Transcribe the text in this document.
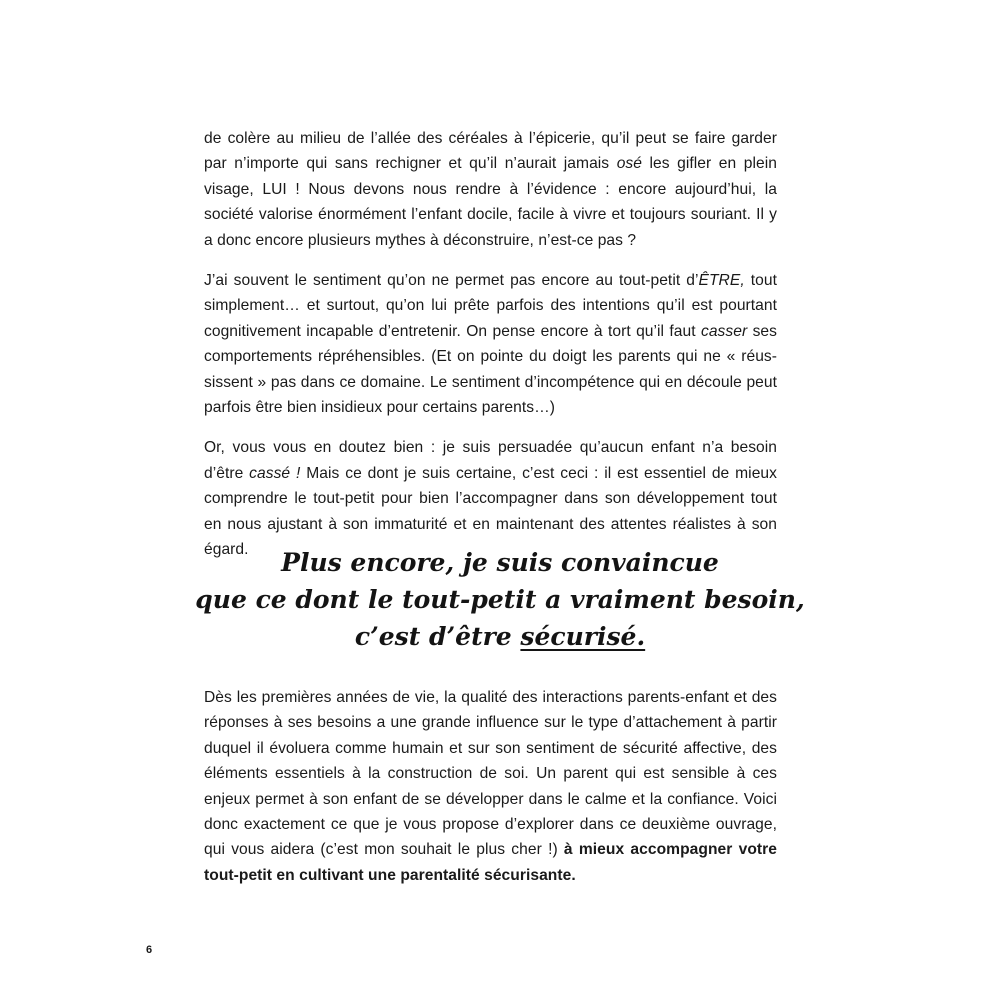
de colère au milieu de l’allée des céréales à l’épicerie, qu’il peut se faire garder par n’importe qui sans rechigner et qu’il n’aurait jamais osé les gifler en plein visage, LUI ! Nous devons nous rendre à l’évidence : encore aujourd’hui, la société valorise énormément l’enfant docile, facile à vivre et toujours souriant. Il y a donc encore plusieurs mythes à déconstruire, n’est-ce pas ?

J’ai souvent le sentiment qu’on ne permet pas encore au tout-petit d’ÊTRE, tout simplement… et surtout, qu’on lui prête parfois des intentions qu’il est pourtant cognitivement incapable d’entretenir. On pense encore à tort qu’il faut casser ses comportements répréhensibles. (Et on pointe du doigt les parents qui ne « réussissent » pas dans ce domaine. Le sentiment d’incompétence qui en découle peut parfois être bien insidieux pour certains parents…)

Or, vous vous en doutez bien : je suis persuadée qu’aucun enfant n’a besoin d’être cassé ! Mais ce dont je suis certaine, c’est ceci : il est essentiel de mieux comprendre le tout-petit pour bien l’accompagner dans son développement tout en nous ajustant à son immaturité et en maintenant des attentes réalistes à son égard.	Plus encore, je suis convaincue
que ce dont le tout-petit a vraiment besoin,
c’est d’être sécurisé.

Dès les premières années de vie, la qualité des interactions parents-enfant et des réponses à ses besoins a une grande influence sur le type d’attachement à partir duquel il évoluera comme humain et sur son sentiment de sécurité affective, des éléments essentiels à la construction de soi. Un parent qui est sensible à ces enjeux permet à son enfant de se développer dans le calme et la confiance. Voici donc exactement ce que je vous propose d’explorer dans ce deuxième ouvrage, qui vous aidera (c’est mon souhait le plus cher !) à mieux accompagner votre tout-petit en cultivant une parentalité sécurisante.

6
